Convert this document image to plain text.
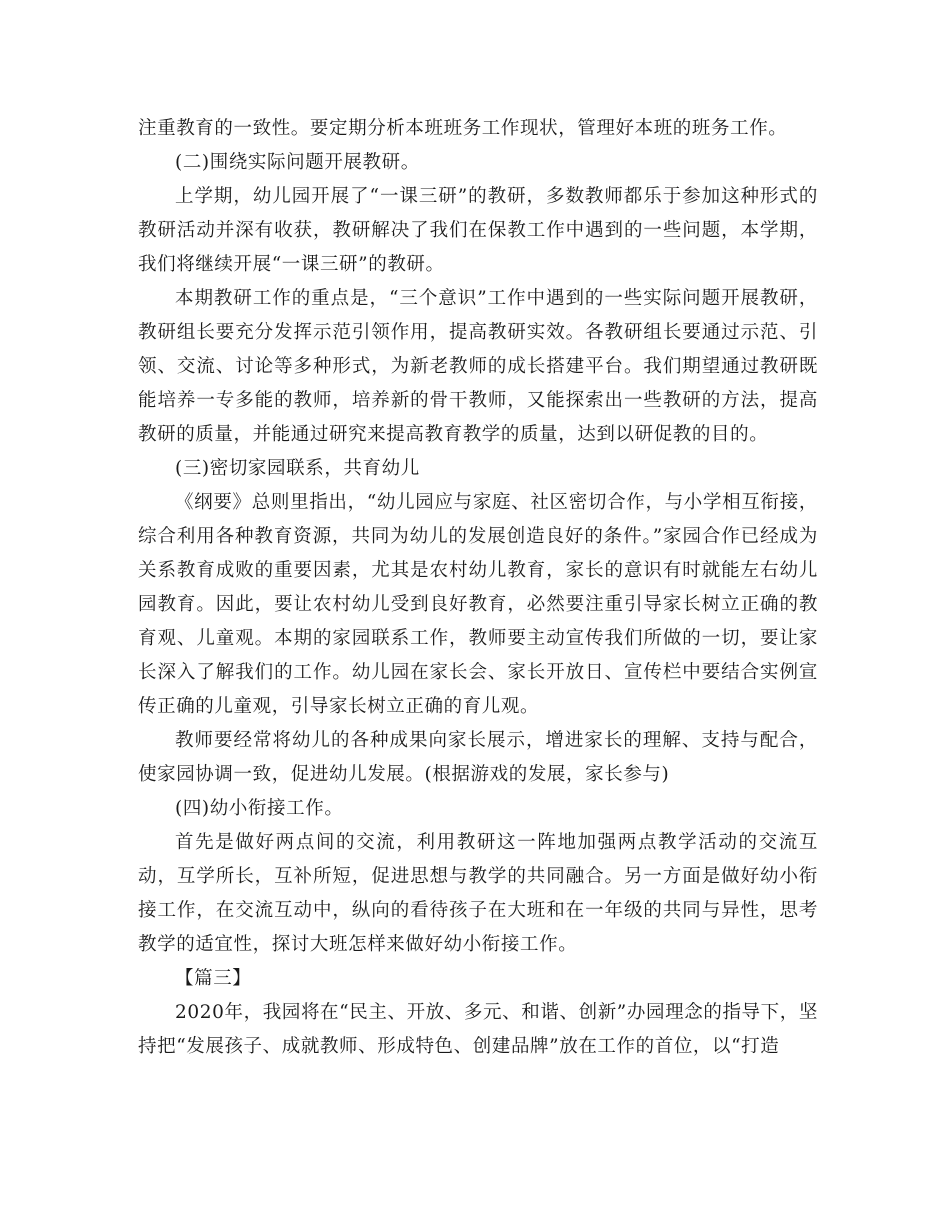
注重教育的一致性。要定期分析本班班务工作现状，管理好本班的班务工作。

(二)围绕实际问题开展教研。

上学期，幼儿园开展了“一课三研”的教研，多数教师都乐于参加这种形式的教研活动并深有收获，教研解决了我们在保教工作中遇到的一些问题，本学期，我们将继续开展“一课三研”的教研。

本期教研工作的重点是，“三个意识”工作中遇到的一些实际问题开展教研，教研组长要充分发挥示范引领作用，提高教研实效。各教研组长要通过示范、引领、交流、讨论等多种形式，为新老教师的成长搭建平台。我们期望通过教研既能培养一专多能的教师，培养新的骨干教师，又能探索出一些教研的方法，提高教研的质量，并能通过研究来提高教育教学的质量，达到以研促教的目的。

(三)密切家园联系，共育幼儿

《纲要》总则里指出，“幼儿园应与家庭、社区密切合作，与小学相互衔接，综合利用各种教育资源，共同为幼儿的发展创造良好的条件。”家园合作已经成为关系教育成败的重要因素，尤其是农村幼儿教育，家长的意识有时就能左右幼儿园教育。因此，要让农村幼儿受到良好教育，必然要注重引导家长树立正确的教育观、儿童观。本期的家园联系工作，教师要主动宣传我们所做的一切，要让家长深入了解我们的工作。幼儿园在家长会、家长开放日、宣传栏中要结合实例宣传正确的儿童观，引导家长树立正确的育儿观。

教师要经常将幼儿的各种成果向家长展示，增进家长的理解、支持与配合，使家园协调一致，促进幼儿发展。(根据游戏的发展，家长参与)

(四)幼小衔接工作。

首先是做好两点间的交流，利用教研这一阵地加强两点教学活动的交流互动，互学所长，互补所短，促进思想与教学的共同融合。另一方面是做好幼小衔接工作，在交流互动中，纵向的看待孩子在大班和在一年级的共同与异性，思考教学的适宜性，探讨大班怎样来做好幼小衔接工作。

【篇三】

2020年，我园将在“民主、开放、多元、和谐、创新”办园理念的指导下，坚持把“发展孩子、成就教师、形成特色、创建品牌”放在工作的首位，以“打造
